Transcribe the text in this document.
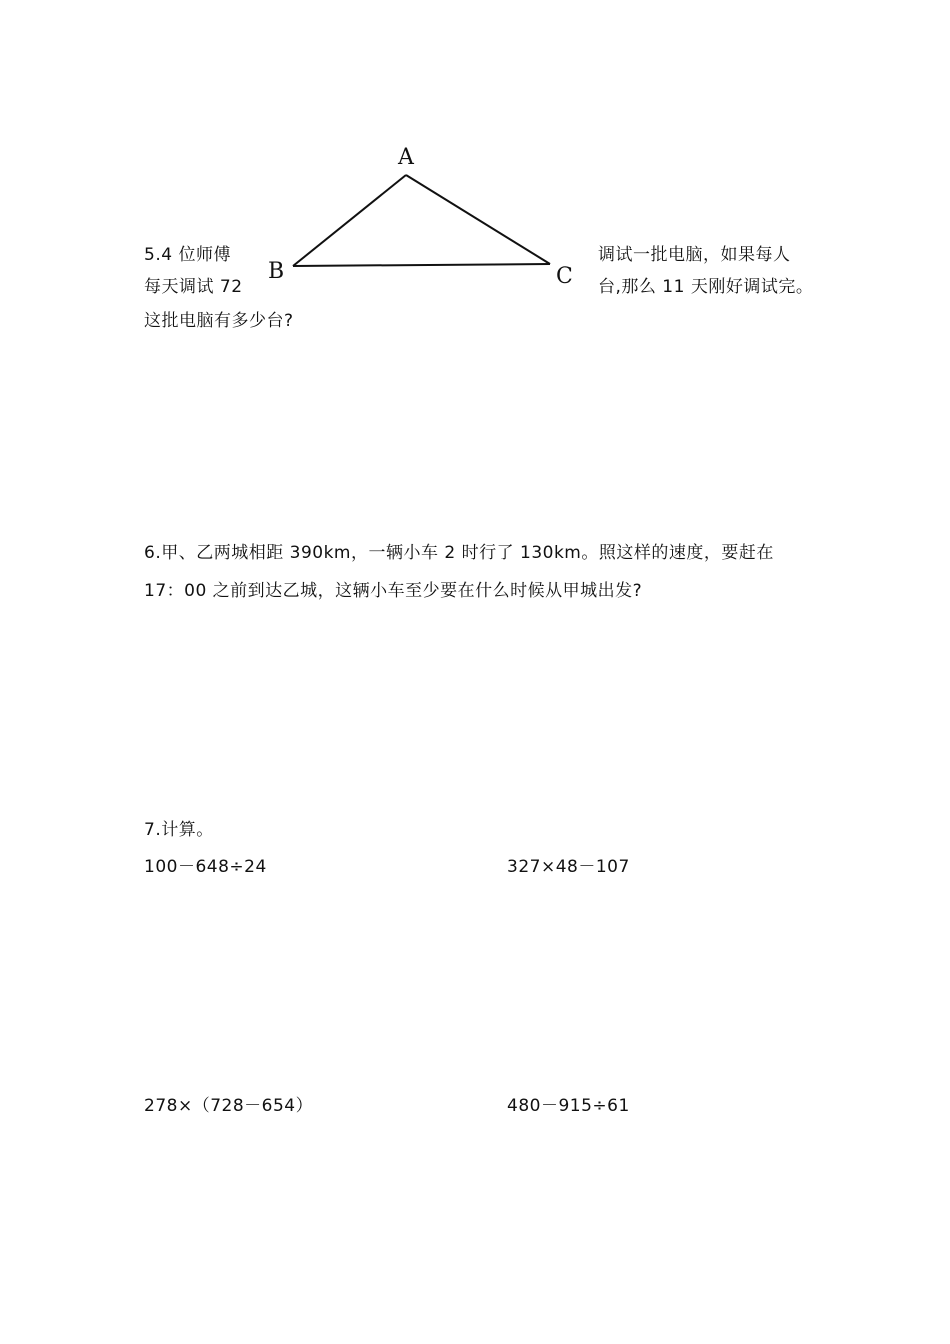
A
B	C
5.4 位师傅	调试一批电脑，如果每人
每天调试 72	台,那么 11 天刚好调试完。
这批电脑有多少台?
6.甲、乙两城相距 390km，一辆小车 2 时行了 130km。照这样的速度，要赶在
17：00 之前到达乙城，这辆小车至少要在什么时候从甲城出发?
7.计算。
100－648÷24	327×48－107
278×（728－654）	480－915÷61
